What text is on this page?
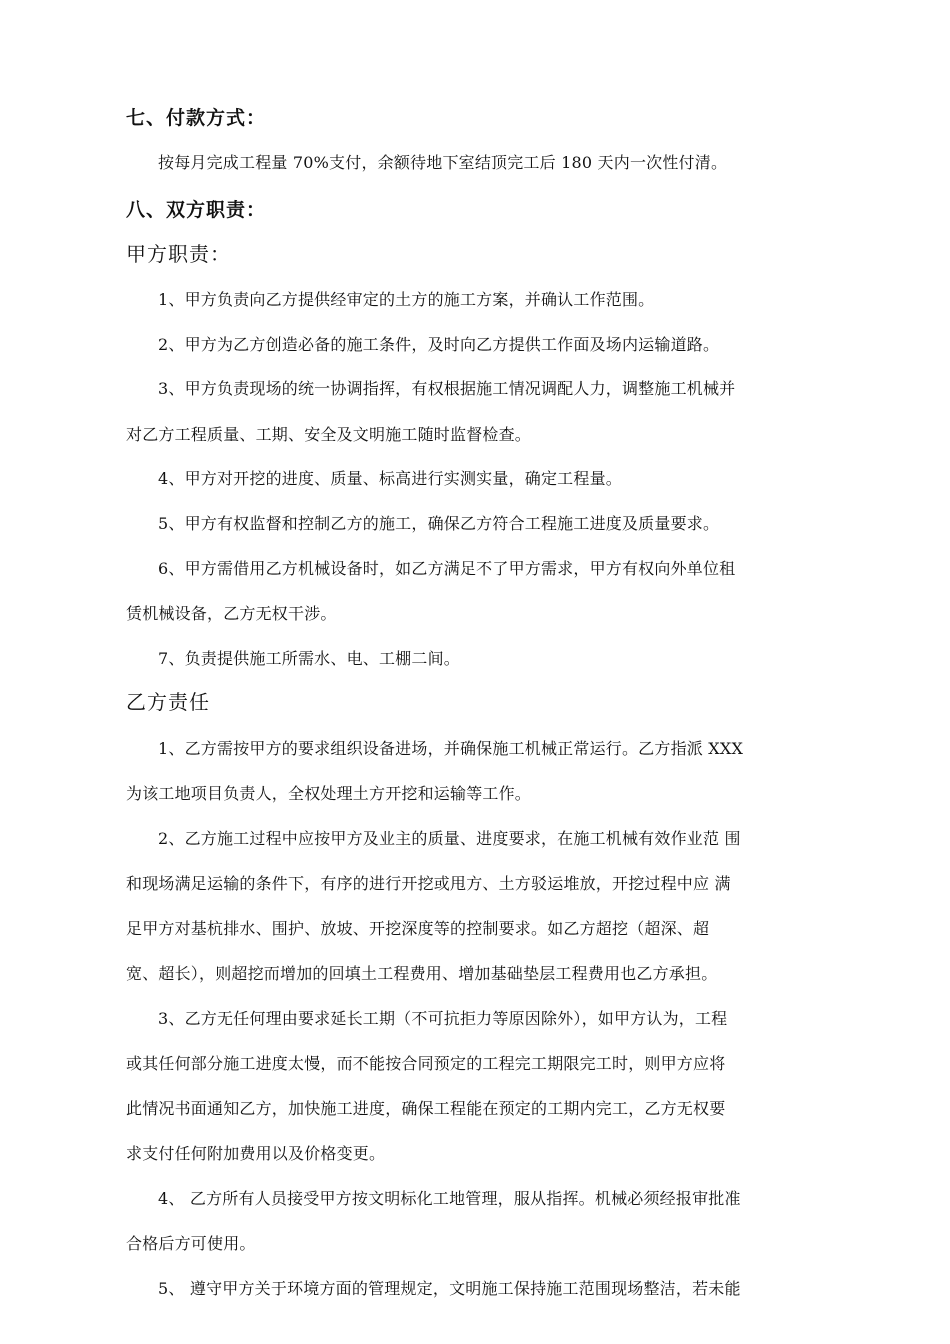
七、付款方式：
按每月完成工程量 70%支付，余额待地下室结顶完工后 180 天内一次性付清。
八、双方职责：
甲方职责：
1、甲方负责向乙方提供经审定的土方的施工方案，并确认工作范围。
2、甲方为乙方创造必备的施工条件，及时向乙方提供工作面及场内运输道路。
3、甲方负责现场的统一协调指挥，有权根据施工情况调配人力，调整施工机械并
对乙方工程质量、工期、安全及文明施工随时监督检查。
4、甲方对开挖的进度、质量、标高进行实测实量，确定工程量。
5、甲方有权监督和控制乙方的施工，确保乙方符合工程施工进度及质量要求。
6、甲方需借用乙方机械设备时，如乙方满足不了甲方需求，甲方有权向外单位租
赁机械设备，乙方无权干涉。
7、负责提供施工所需水、电、工棚二间。
乙方责任
1、乙方需按甲方的要求组织设备进场，并确保施工机械正常运行。乙方指派 XXX
为该工地项目负责人，全权处理土方开挖和运输等工作。
2、乙方施工过程中应按甲方及业主的质量、进度要求，在施工机械有效作业范 围
和现场满足运输的条件下，有序的进行开挖或甩方、土方驳运堆放，开挖过程中应 满
足甲方对基杭排水、围护、放坡、开挖深度等的控制要求。如乙方超挖（超深、超
宽、超长），则超挖而增加的回填土工程费用、增加基础垫层工程费用也乙方承担。
3、乙方无任何理由要求延长工期（不可抗拒力等原因除外），如甲方认为，工程
或其任何部分施工进度太慢，而不能按合同预定的工程完工期限完工时，则甲方应将
此情况书面通知乙方，加快施工进度，确保工程能在预定的工期内完工，乙方无权要
求支付任何附加费用以及价格变更。
4、 乙方所有人员接受甲方按文明标化工地管理，服从指挥。机械必须经报审批准
合格后方可使用。
5、 遵守甲方关于环境方面的管理规定，文明施工保持施工范围现场整洁，若未能
